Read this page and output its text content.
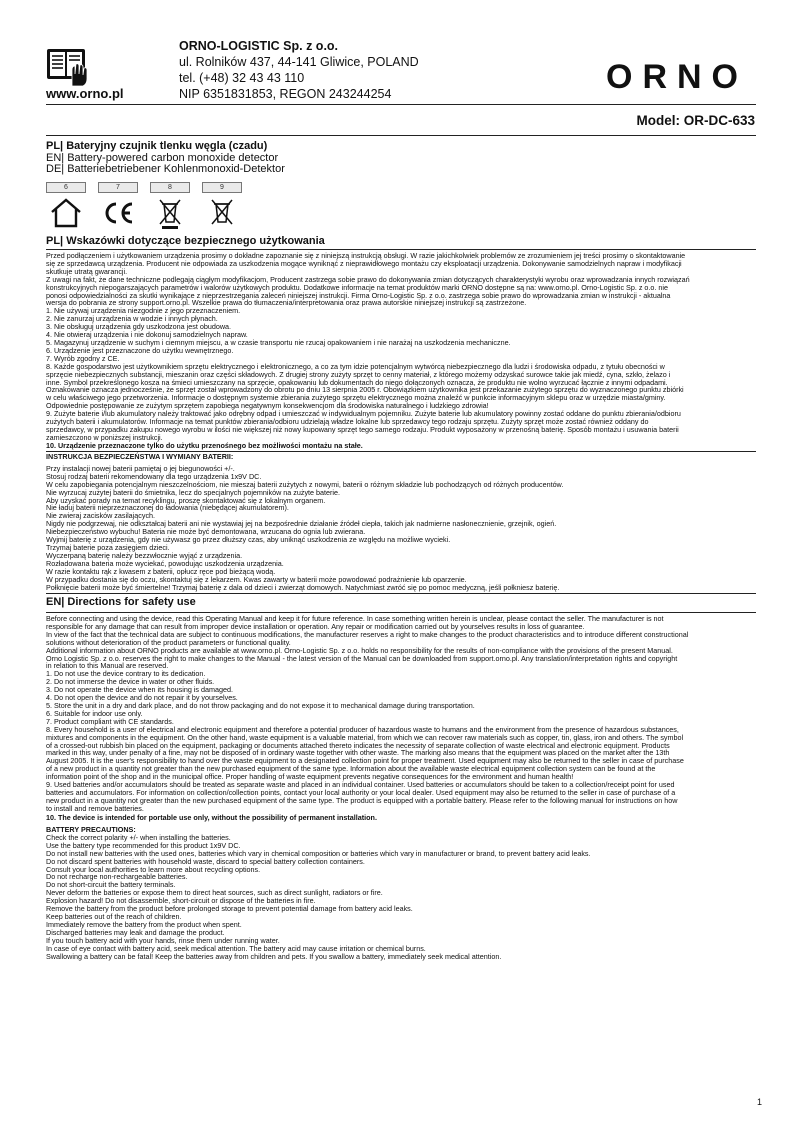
www.orno.pl
ORNO-LOGISTIC Sp. z o.o.
ul. Rolników 437, 44-141 Gliwice, POLAND
tel. (+48) 32 43 43 110
NIP 6351831853, REGON 243244254	ORNO
Model: OR-DC-633
PL| Bateryjny czujnik tlenku węgla (czadu)
EN| Battery-powered carbon monoxide detector
DE| Batteriebetriebener Kohlenmonoxid-Detektor
6	7	8	9
PL| Wskazówki dotyczące bezpiecznego użytkowania

Przed podłączeniem i użytkowaniem urządzenia prosimy o dokładne zapoznanie się z niniejszą instrukcją obsługi. W razie jakichkolwiek problemów ze zrozumieniem jej treści prosimy o skontaktowanie

się ze sprzedawcą urządzenia. Producent nie odpowiada za uszkodzenia mogące wyniknąć z nieprawidłowego montażu czy eksploatacji urządzenia. Dokonywanie samodzielnych napraw i modyfikacji

skutkuje utratą gwarancji.

Z uwagi na fakt, że dane techniczne podlegają ciągłym modyfikacjom, Producent zastrzega sobie prawo do dokonywania zmian dotyczących charakterystyki wyrobu oraz wprowadzania innych rozwiązań

konstrukcyjnych niepogarszających parametrów i walorów użytkowych produktu. Dodatkowe informacje na temat produktów marki ORNO dostępne są na: www.orno.pl. Orno-Logistic Sp. z o.o. nie

ponosi odpowiedzialności za skutki wynikające z nieprzestrzegania zaleceń niniejszej instrukcji. Firma Orno-Logistic Sp. z o.o. zastrzega sobie prawo do wprowadzania zmian w instrukcji - aktualna

wersja do pobrania ze strony support.orno.pl. Wszelkie prawa do tłumaczenia/interpretowania oraz prawa autorskie niniejszej instrukcji są zastrzeżone.

1. Nie używaj urządzenia niezgodnie z jego przeznaczeniem.

2. Nie zanurzaj urządzenia w wodzie i innych płynach.

3. Nie obsługuj urządzenia gdy uszkodzona jest obudowa.

4. Nie otwieraj urządzenia i nie dokonuj samodzielnych napraw.

5. Magazynuj urządzenie w suchym i ciemnym miejscu, a w czasie transportu nie rzucaj opakowaniem i nie narażaj na uszkodzenia mechaniczne.

6. Urządzenie jest przeznaczone do użytku wewnętrznego.

7. Wyrób zgodny z CE.

8. Każde gospodarstwo jest użytkownikiem sprzętu elektrycznego i elektronicznego, a co za tym idzie potencjalnym wytwórcą niebezpiecznego dla ludzi i środowiska odpadu, z tytułu obecności w

sprzęcie niebezpiecznych substancji, mieszanin oraz części składowych. Z drugiej strony zużyty sprzęt to cenny materiał, z którego możemy odzyskać surowce takie jak miedź, cyna, szkło, żelazo i

inne. Symbol przekreślonego kosza na śmieci umieszczany na sprzęcie, opakowaniu lub dokumentach do niego dołączonych oznacza, że produktu nie wolno wyrzucać łącznie z innymi odpadami.

Oznakowanie oznacza jednocześnie, że sprzęt został wprowadzony do obrotu po dniu 13 sierpnia 2005 r. Obowiązkiem użytkownika jest przekazanie zużytego sprzętu do wyznaczonego punktu zbiórki

w celu właściwego jego przetworzenia. Informacje o dostępnym systemie zbierania zużytego sprzętu elektrycznego można znaleźć w punkcie informacyjnym sklepu oraz w urzędzie miasta/gminy.

Odpowiednie postępowanie ze zużytym sprzętem zapobiega negatywnym konsekwencjom dla środowiska naturalnego i ludzkiego zdrowia!

9. Zużyte baterie i/lub akumulatory należy traktować jako odrębny odpad i umieszczać w indywidualnym pojemniku. Zużyte baterie lub akumulatory powinny zostać oddane do punktu zbierania/odbioru

zużytych baterii i akumulatorów. Informacje na temat punktów zbierania/odbioru udzielają władze lokalne lub sprzedawcy tego rodzaju sprzętu. Zużyty sprzęt może zostać również oddany do

sprzedawcy, w przypadku zakupu nowego wyrobu w ilości nie większej niż nowy kupowany sprzęt tego samego rodzaju. Produkt wyposażony w przenośną baterię. Sposób montażu i usuwania baterii

zamieszczono w poniższej instrukcji.

10. Urządzenie przeznaczone tylko do użytku przenośnego bez możliwości montażu na stałe.

INSTRUKCJA BEZPIECZEŃSTWA I WYMIANY BATERII:

Przy instalacji nowej baterii pamiętaj o jej biegunowości +/-.

Stosuj rodzaj baterii rekomendowany dla tego urządzenia 1x9V DC.

W celu zapobiegania potencjalnym nieszczelnościom, nie mieszaj baterii zużytych z nowymi, baterii o różnym składzie lub pochodzących od różnych producentów.

Nie wyrzucaj zużytej baterii do śmietnika, lecz do specjalnych pojemników na zużyte baterie.

Aby uzyskać porady na temat recyklingu, proszę skontaktować się z lokalnym organem.

Nie ładuj baterii nieprzeznaczonej do ładowania (niebędącej akumulatorem).

Nie zwieraj zacisków zasilających.

Nigdy nie podgrzewaj, nie odkształcaj baterii ani nie wystawiaj jej na bezpośrednie działanie źródeł ciepła, takich jak nadmierne nasłonecznienie, grzejnik, ogień.

Niebezpieczeństwo wybuchu! Bateria nie może być demontowana, wrzucana do ognia lub zwierana.

Wyjmij baterię z urządzenia, gdy nie używasz go przez dłuższy czas, aby uniknąć uszkodzenia ze względu na możliwe wycieki.

Trzymaj baterie poza zasięgiem dzieci.

Wyczerpaną baterię należy bezzwłocznie wyjąć z urządzenia.

Rozładowana bateria może wyciekać, powodując uszkodzenia urządzenia.

W razie kontaktu rąk z kwasem z baterii, opłucz ręce pod bieżącą wodą.

W przypadku dostania się do oczu, skontaktuj się z lekarzem. Kwas zawarty w baterii może powodować podrażnienie lub oparzenie.

Połknięcie baterii może być śmiertelne! Trzymaj baterię z dala od dzieci i zwierząt domowych. Natychmiast zwróć się po pomoc medyczną, jeśli połkniesz baterię.

EN| Directions for safety use

Before connecting and using the device, read this Operating Manual and keep it for future reference. In case something written herein is unclear, please contact the seller. The manufacturer is not

responsible for any damage that can result from improper device installation or operation. Any repair or modification carried out by yourselves results in loss of guarantee.

In view of the fact that the technical data are subject to continuous modifications, the manufacturer reserves a right to make changes to the product characteristics and to introduce different constructional

solutions without deterioration of the product parameters or functional quality.

Additional information about ORNO products are available at www.orno.pl. Orno-Logistic Sp. z o.o. holds no responsibility for the results of non-compliance with the provisions of the present Manual.

Orno Logistic Sp. z o.o. reserves the right to make changes to the Manual - the latest version of the Manual can be downloaded from support.orno.pl. Any translation/interpretation rights and copyright

in relation to this Manual are reserved.

1. Do not use the device contrary to its dedication.

2. Do not immerse the device in water or other fluids.

3. Do not operate the device when its housing is damaged.

4. Do not open the device and do not repair it by yourselves.

5. Store the unit in a dry and dark place, and do not throw packaging and do not expose it to mechanical damage during transportation.

6. Suitable for indoor use only.

7. Product compliant with CE standards.

8. Every household is a user of electrical and electronic equipment and therefore a potential producer of hazardous waste to humans and the environment from the presence of hazardous substances,

mixtures and components in the equipment. On the other hand, waste equipment is a valuable material, from which we can recover raw materials such as copper, tin, glass, iron and others. The symbol

of a crossed-out rubbish bin placed on the equipment, packaging or documents attached thereto indicates the necessity of separate collection of waste electrical and electronic equipment. Products

marked in this way, under penalty of a fine, may not be disposed of in ordinary waste together with other waste. The marking also means that the equipment was placed on the market after the 13th

August 2005. It is the user's responsibility to hand over the waste equipment to a designated collection point for proper treatment. Used equipment may also be returned to the seller in case of purchase

of a new product in a quantity not greater than the new purchased equipment of the same type. Information about the available waste electrical equipment collection system can be found at the

information point of the shop and in the municipal office. Proper handling of waste equipment prevents negative consequences for the environment and human health!

9. Used batteries and/or accumulators should be treated as separate waste and placed in an individual container. Used batteries or accumulators should be taken to a collection/receipt point for used

batteries and accumulators. For information on collection/collection points, contact your local authority or your local dealer. Used equipment may also be returned to the seller in case of purchase of a

new product in a quantity not greater than the new purchased equipment of the same type. The product is equipped with a portable battery. Please refer to the following manual for instructions on how

to install and remove batteries.

10. The device is intended for portable use only, without the possibility of permanent installation.

BATTERY PRECAUTIONS:

Check the correct polarity +/- when installing the batteries.

Use the battery type recommended for this product 1x9V DC.

Do not install new batteries with the used ones, batteries which vary in chemical composition or batteries which vary in manufacturer or brand, to prevent battery acid leaks.

Do not discard spent batteries with household waste, discard to special battery collection containers.

Consult your local authorities to learn more about recycling options.

Do not recharge non-rechargeable batteries.

Do not short-circuit the battery terminals.

Never deform the batteries or expose them to direct heat sources, such as direct sunlight, radiators or fire.

Explosion hazard! Do not disassemble, short-circuit or dispose of the batteries in fire.

Remove the battery from the product before prolonged storage to prevent potential damage from battery acid leaks.

Keep batteries out of the reach of children.

Immediately remove the battery from the product when spent.

Discharged batteries may leak and damage the product.

If you touch battery acid with your hands, rinse them under running water.

In case of eye contact with battery acid, seek medical attention. The battery acid may cause irritation or chemical burns.

Swallowing a battery can be fatal! Keep the batteries away from children and pets. If you swallow a battery, immediately seek medical attention.

1
